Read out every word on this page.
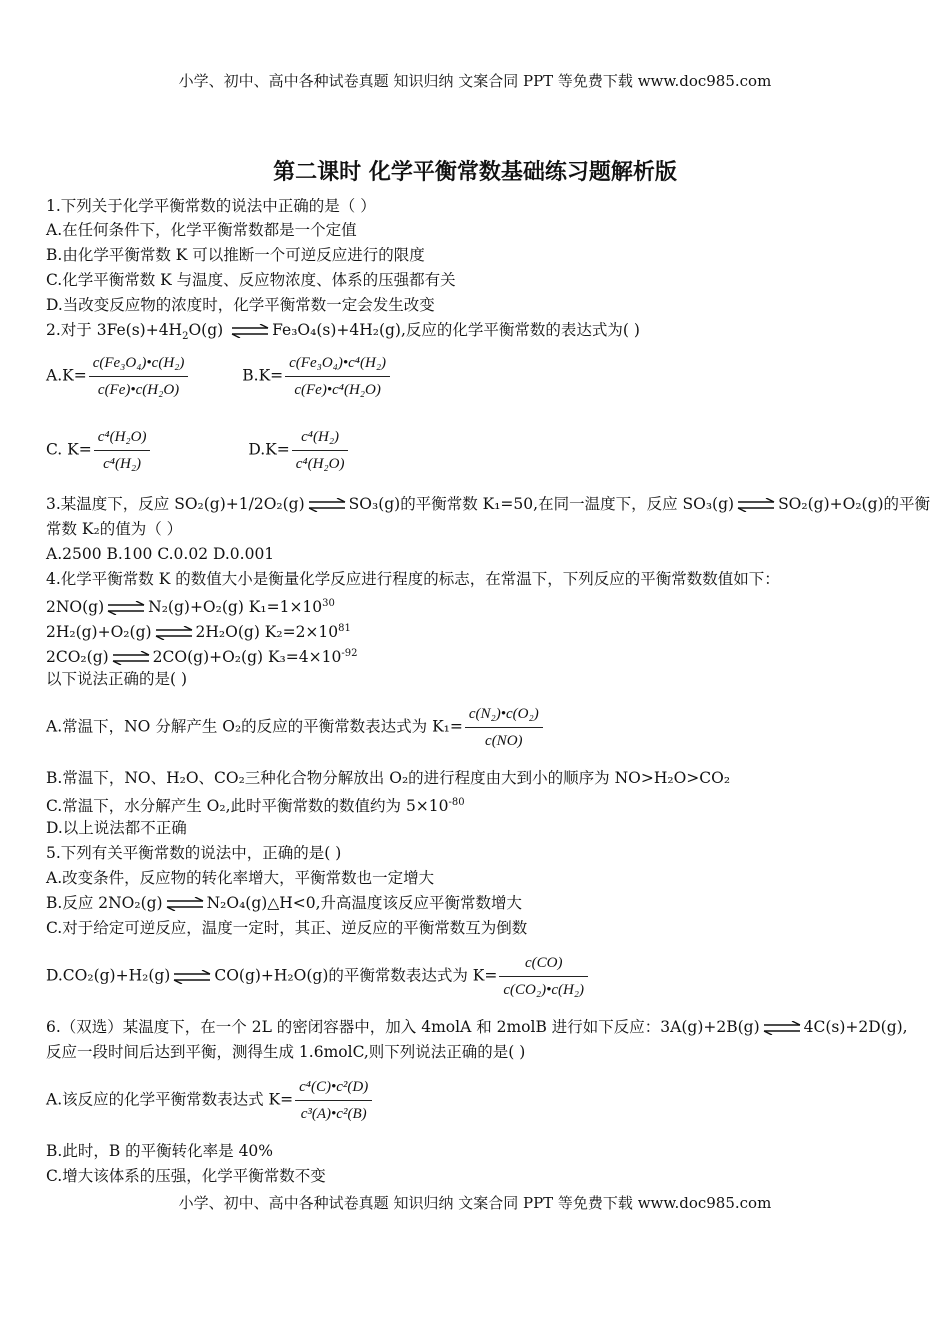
小学、初中、高中各种试卷真题 知识归纳 文案合同 PPT 等免费下载 www.doc985.com
第二课时 化学平衡常数基础练习题解析版
1.下列关于化学平衡常数的说法中正确的是（ ）
A.在任何条件下，化学平衡常数都是一个定值
B.由化学平衡常数 K 可以推断一个可逆反应进行的限度
C.化学平衡常数 K 与温度、反应物浓度、体系的压强都有关
D.当改变反应物的浓度时，化学平衡常数一定会发生改变
2.对于 $3Fe(s)+4H_2O(g)$	Fe₃O₄(s)+4H₂(g),反应的化学平衡常数的表达式为( )
$A.K= \frac{\text{c(Fe₃O₄)•c(H₂)}}{\text{c(Fe)•c(H₂O)}}$	$B.K= \frac{\text{c(Fe₃O₄)•c⁴(H₂)}}{\text{c(Fe)•c⁴(H₂O)}}$
C. $K= \frac{\text{c⁴(H₂O)}}{\text{c⁴(H₂)}}$	$D.K= \frac{\text{c⁴(H₂)}}{\text{c⁴(H₂O)}}$
3.某温度下，反应 SO₂(g)+1/2O₂(g)	SO₃(g)的平衡常数 K₁=50,在同一温度下，反应 SO₃(g)	SO₂(g)+O₂(g)的平衡
常数 K₂的值为（ ）
A.2500 B.100 C.0.02 D.0.001
4.化学平衡常数 K 的数值大小是衡量化学反应进行程度的标志，在常温下，下列反应的平衡常数数值如下：
2NO(g)	N₂(g)+O₂(g) $K_1=1\times 10^{30}$
2H₂(g)+O₂(g)	2H₂O(g) $K_2=2\times 10^{81}$
2CO₂(g)	2CO(g)+O₂(g) $K_3=4\times 10^{-92}$
以下说法正确的是( )
A.常温下，NO 分解产生 O₂的反应的平衡常数表达式为 $K_1= \frac{\text{c(N₂)•c(O₂)}}{c(NO)}$
B.常温下，NO、H₂O、CO₂三种化合物分解放出 O₂的进行程度由大到小的顺序为 NO>H₂O>CO₂
C.常温下，水分解产生 O₂,此时平衡常数的数值约为 $5\times 10^{-80}$
D.以上说法都不正确
5.下列有关平衡常数的说法中，正确的是( )
A.改变条件，反应物的转化率增大，平衡常数也一定增大
B.反应 2NO₂(g)	N₂O₄(g)△H<0,升高温度该反应平衡常数增大
C.对于给定可逆反应，温度一定时，其正、逆反应的平衡常数互为倒数
D.CO₂(g)+H₂(g)	CO(g)+H₂O(g)的平衡常数表达式为 $K= \frac{c(CO)}{\text{c(CO₂)•c(H₂)}}$
6.（双选）某温度下，在一个 2L 的密闭容器中，加入 4molA 和 2molB 进行如下反应：3A(g)+2B(g)	4C(s)+2D(g),
反应一段时间后达到平衡，测得生成 1.6molC,则下列说法正确的是( )
A.该反应的化学平衡常数表达式 $K= \frac{\text{c⁴(C)•c²(D)}}{\text{c³(A)•c²(B)}}$
B.此时，B 的平衡转化率是 40%
C.增大该体系的压强，化学平衡常数不变
小学、初中、高中各种试卷真题 知识归纳 文案合同 PPT 等免费下载 www.doc985.com
